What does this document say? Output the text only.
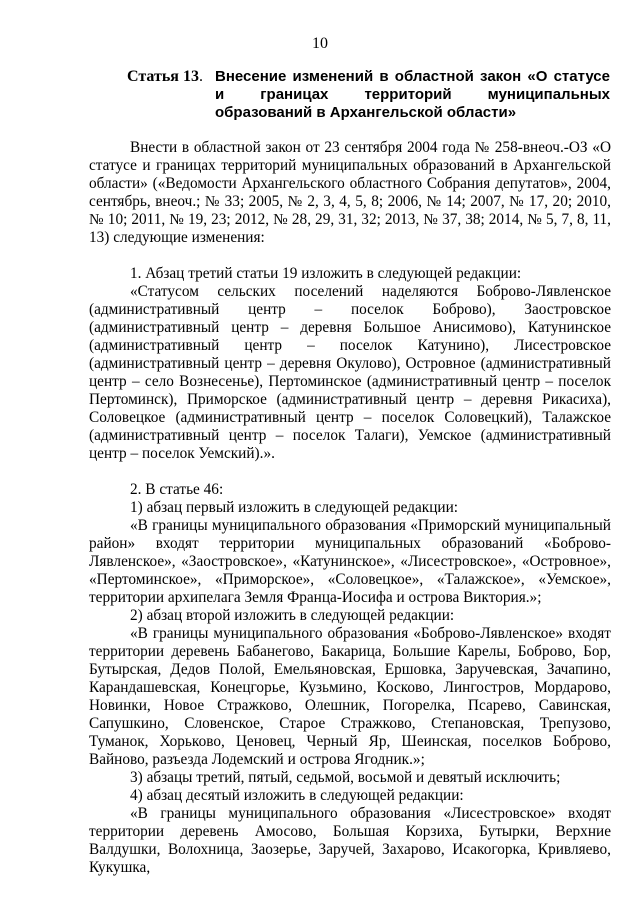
10
Статья 13. Внесение изменений в областной закон «О статусе и границах территорий муниципальных образований в Архангельской области»

Внести в областной закон от 23 сентября 2004 года № 258-внеоч.-ОЗ «О статусе и границах территорий муниципальных образований в Архангельской области» («Ведомости Архангельского областного Собрания депутатов», 2004, сентябрь, внеоч.; № 33; 2005, № 2, 3, 4, 5, 8; 2006, № 14; 2007, № 17, 20; 2010, № 10; 2011, № 19, 23; 2012, № 28, 29, 31, 32; 2013, № 37, 38; 2014, № 5, 7, 8, 11, 13) следующие изменения:

1. Абзац третий статьи 19 изложить в следующей редакции:

«Статусом сельских поселений наделяются Боброво-Лявленское (административный центр – поселок Боброво), Заостровское (административный центр – деревня Большое Анисимово), Катунинское (административный центр – поселок Катунино), Лисестровское (административный центр – деревня Окулово), Островное (административный центр – село Вознесенье), Пертоминское (административный центр – поселок Пертоминск), Приморское (административный центр – деревня Рикасиха), Соловецкое (административный центр – поселок Соловецкий), Талажское (административный центр – поселок Талаги), Уемское (административный центр – поселок Уемский).».

2. В статье 46:

1) абзац первый изложить в следующей редакции:

«В границы муниципального образования «Приморский муниципальный район» входят территории муниципальных образований «Боброво-Лявленское», «Заостровское», «Катунинское», «Лисестровское», «Островное», «Пертоминское», «Приморское», «Соловецкое», «Талажское», «Уемское», территории архипелага Земля Франца-Иосифа и острова Виктория.»;

2) абзац второй изложить в следующей редакции:

«В границы муниципального образования «Боброво-Лявленское» входят территории деревень Бабанегово, Бакарица, Большие Карелы, Боброво, Бор, Бутырская, Дедов Полой, Емельяновская, Ершовка, Заручевская, Зачапино, Карандашевская, Конецгорье, Кузьмино, Косково, Лингостров, Мордарово, Новинки, Новое Стражково, Олешник, Погорелка, Псарево, Савинская, Сапушкино, Словенское, Старое Стражково, Степановская, Трепузово, Туманок, Хорьково, Ценовец, Черный Яр, Шеинская, поселков Боброво, Вайново, разъезда Лодемский и острова Ягодник.»;

3) абзацы третий, пятый, седьмой, восьмой и девятый исключить;

4) абзац десятый изложить в следующей редакции:

«В границы муниципального образования «Лисестровское» входят территории деревень Амосово, Большая Корзиха, Бутырки, Верхние Валдушки, Волохница, Заозерье, Заручей, Захарово, Исакогорка, Кривляево, Кукушка,
